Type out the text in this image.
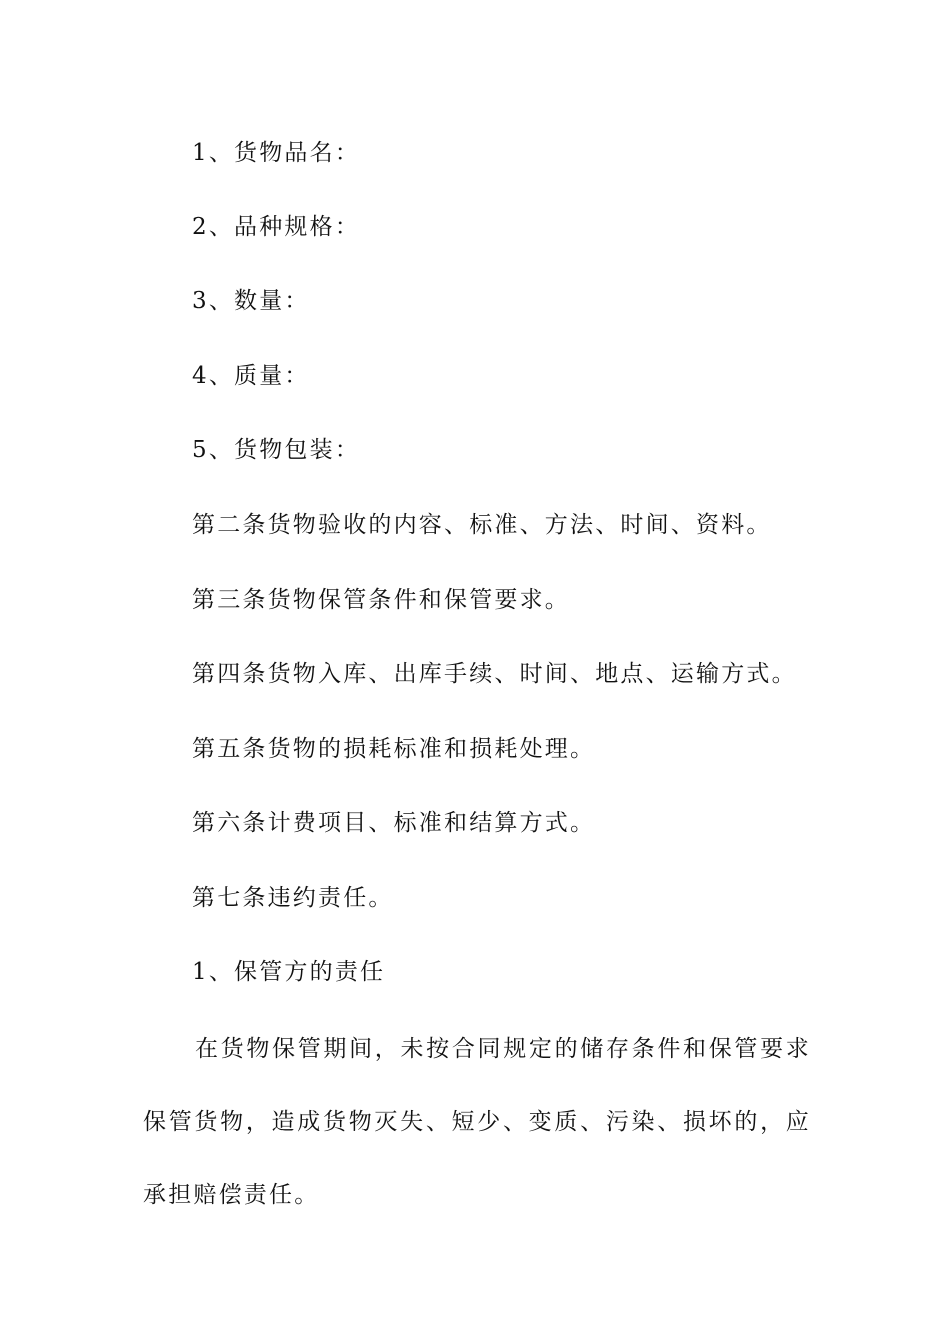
1、货物品名：
2、品种规格：
3、数量：
4、质量：
5、货物包装：
第二条货物验收的内容、标准、方法、时间、资料。
第三条货物保管条件和保管要求。
第四条货物入库、出库手续、时间、地点、运输方式。
第五条货物的损耗标准和损耗处理。
第六条计费项目、标准和结算方式。
第七条违约责任。
1、保管方的责任
在货物保管期间，未按合同规定的储存条件和保管要求保管货物，造成货物灭失、短少、变质、污染、损坏的，应承担赔偿责任。
